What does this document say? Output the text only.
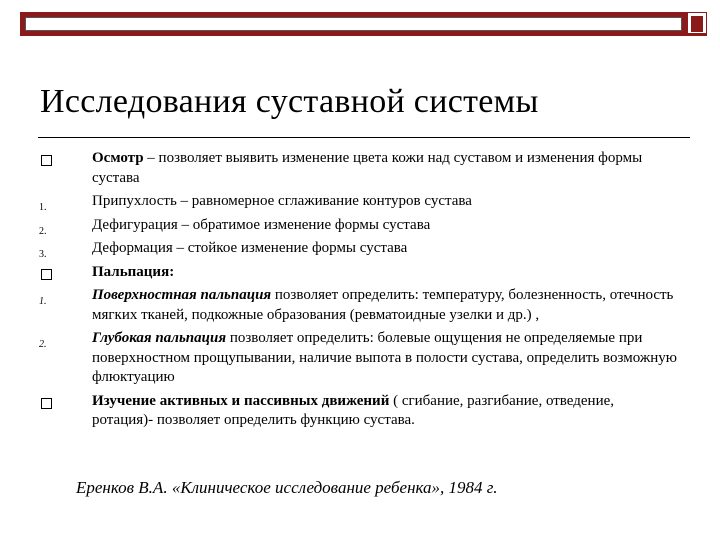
Исследования суставной системы
Осмотр – позволяет выявить изменение цвета кожи над суставом и изменения формы сустава
$_{1.}$	Припухлость – равномерное сглаживание контуров сустава
$_{2.}$	Дефигурация – обратимое изменение формы сустава
$_{3.}$	Деформация – стойкое изменение формы сустава
Пальпация:
$_{1.}$	Поверхностная пальпация позволяет определить: температуру, болезненность, отечность мягких тканей, подкожные образования (ревматоидные узелки и др.) ,
$_{2.}$	Глубокая пальпация позволяет определить: болевые ощущения не определяемые при поверхностном прощупывании, наличие выпота в полости сустава, определить возможную флюктуацию
Изучение активных и пассивных движений ( сгибание, разгибание, отведение, ротация)- позволяет определить функцию сустава.
Еренков В.А. «Клиническое исследование ребенка», 1984 г.
